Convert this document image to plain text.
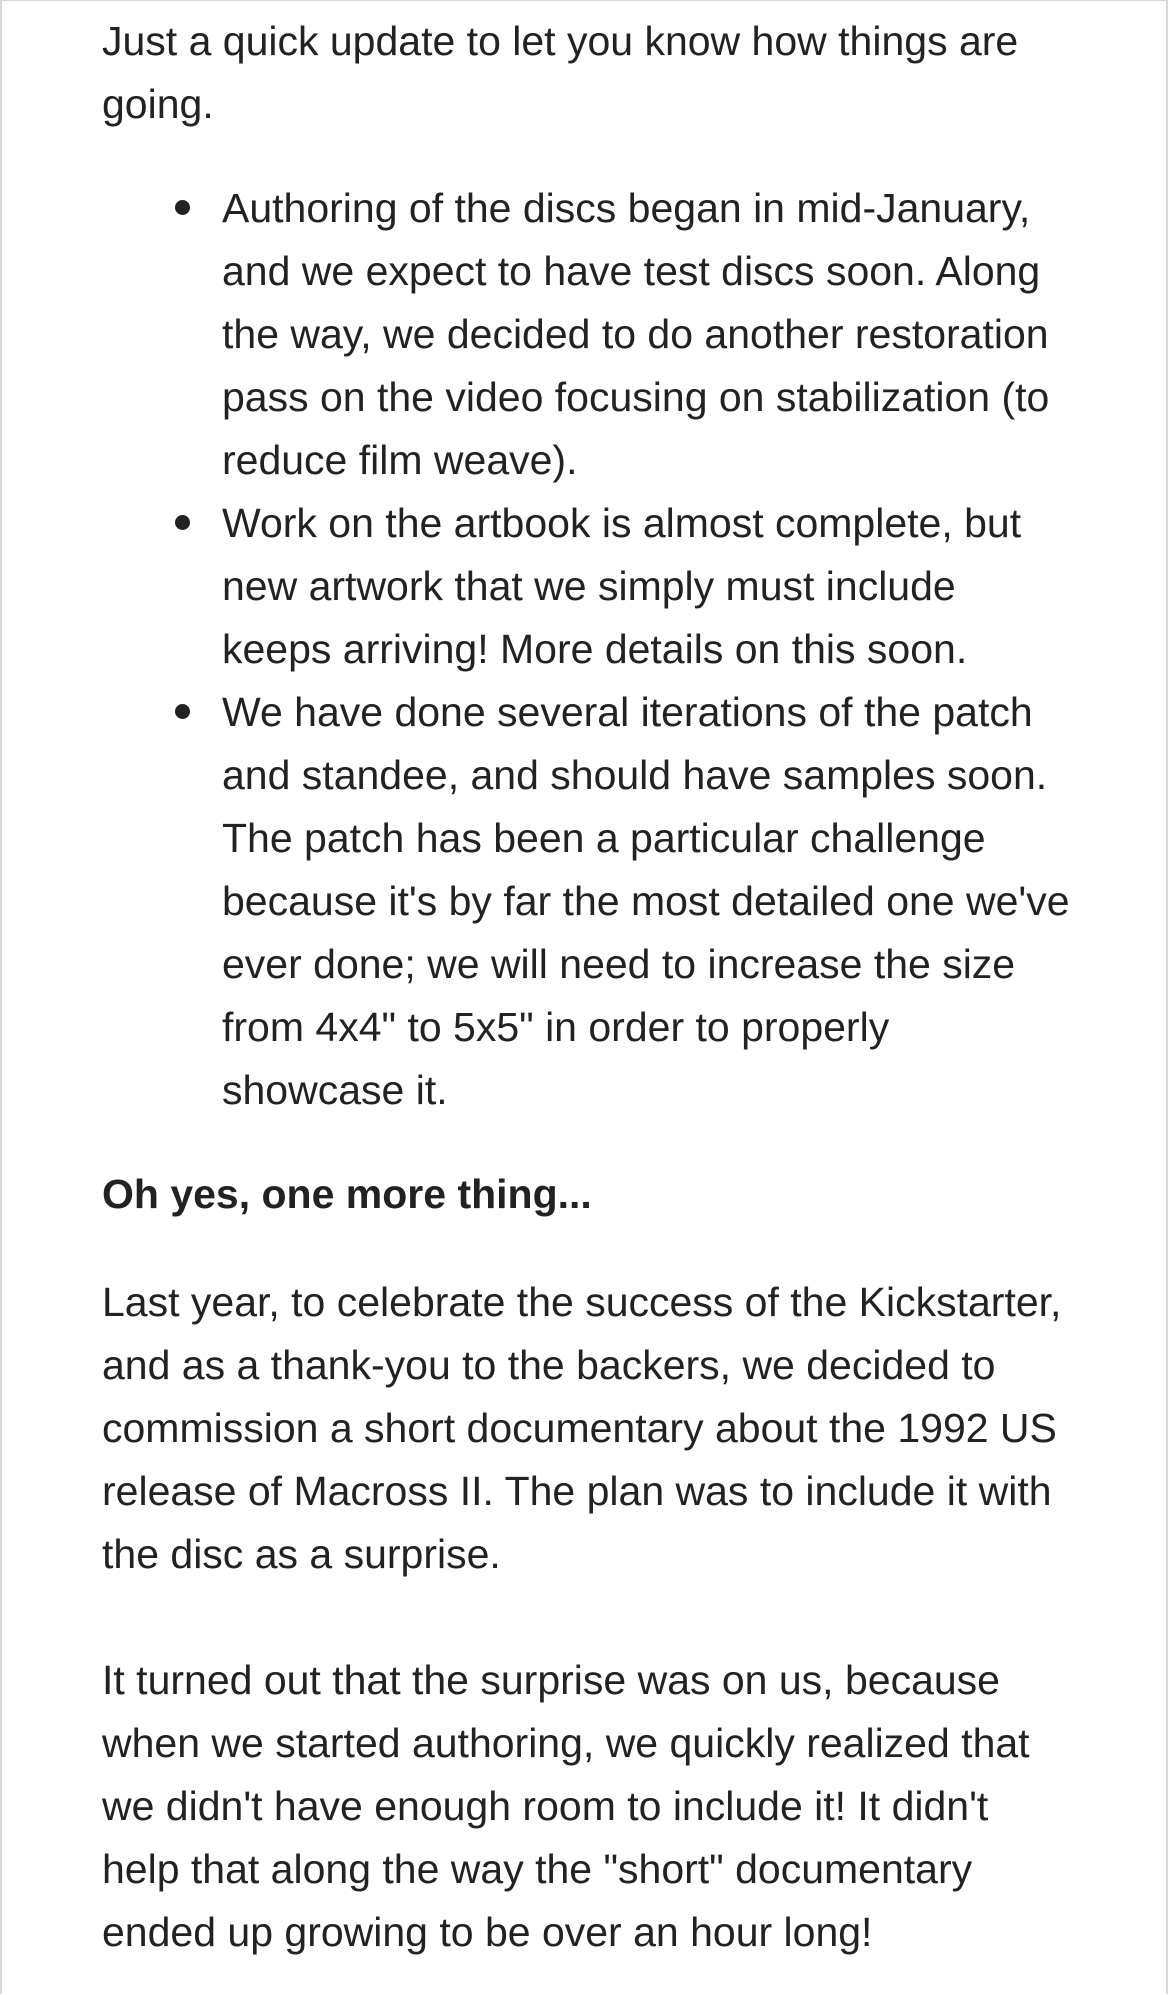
Just a quick update to let you know how things are going.

Authoring of the discs began in mid-January, and we expect to have test discs soon. Along the way, we decided to do another restoration pass on the video focusing on stabilization (to reduce film weave).
Work on the artbook is almost complete, but new artwork that we simply must include keeps arriving! More details on this soon.
We have done several iterations of the patch and standee, and should have samples soon. The patch has been a particular challenge because it's by far the most detailed one we've ever done; we will need to increase the size from 4x4" to 5x5" in order to properly showcase it.

Oh yes, one more thing...

Last year, to celebrate the success of the Kickstarter, and as a thank-you to the backers, we decided to commission a short documentary about the 1992 US release of Macross II. The plan was to include it with the disc as a surprise.

It turned out that the surprise was on us, because when we started authoring, we quickly realized that we didn't have enough room to include it! It didn't help that along the way the "short" documentary ended up growing to be over an hour long!
